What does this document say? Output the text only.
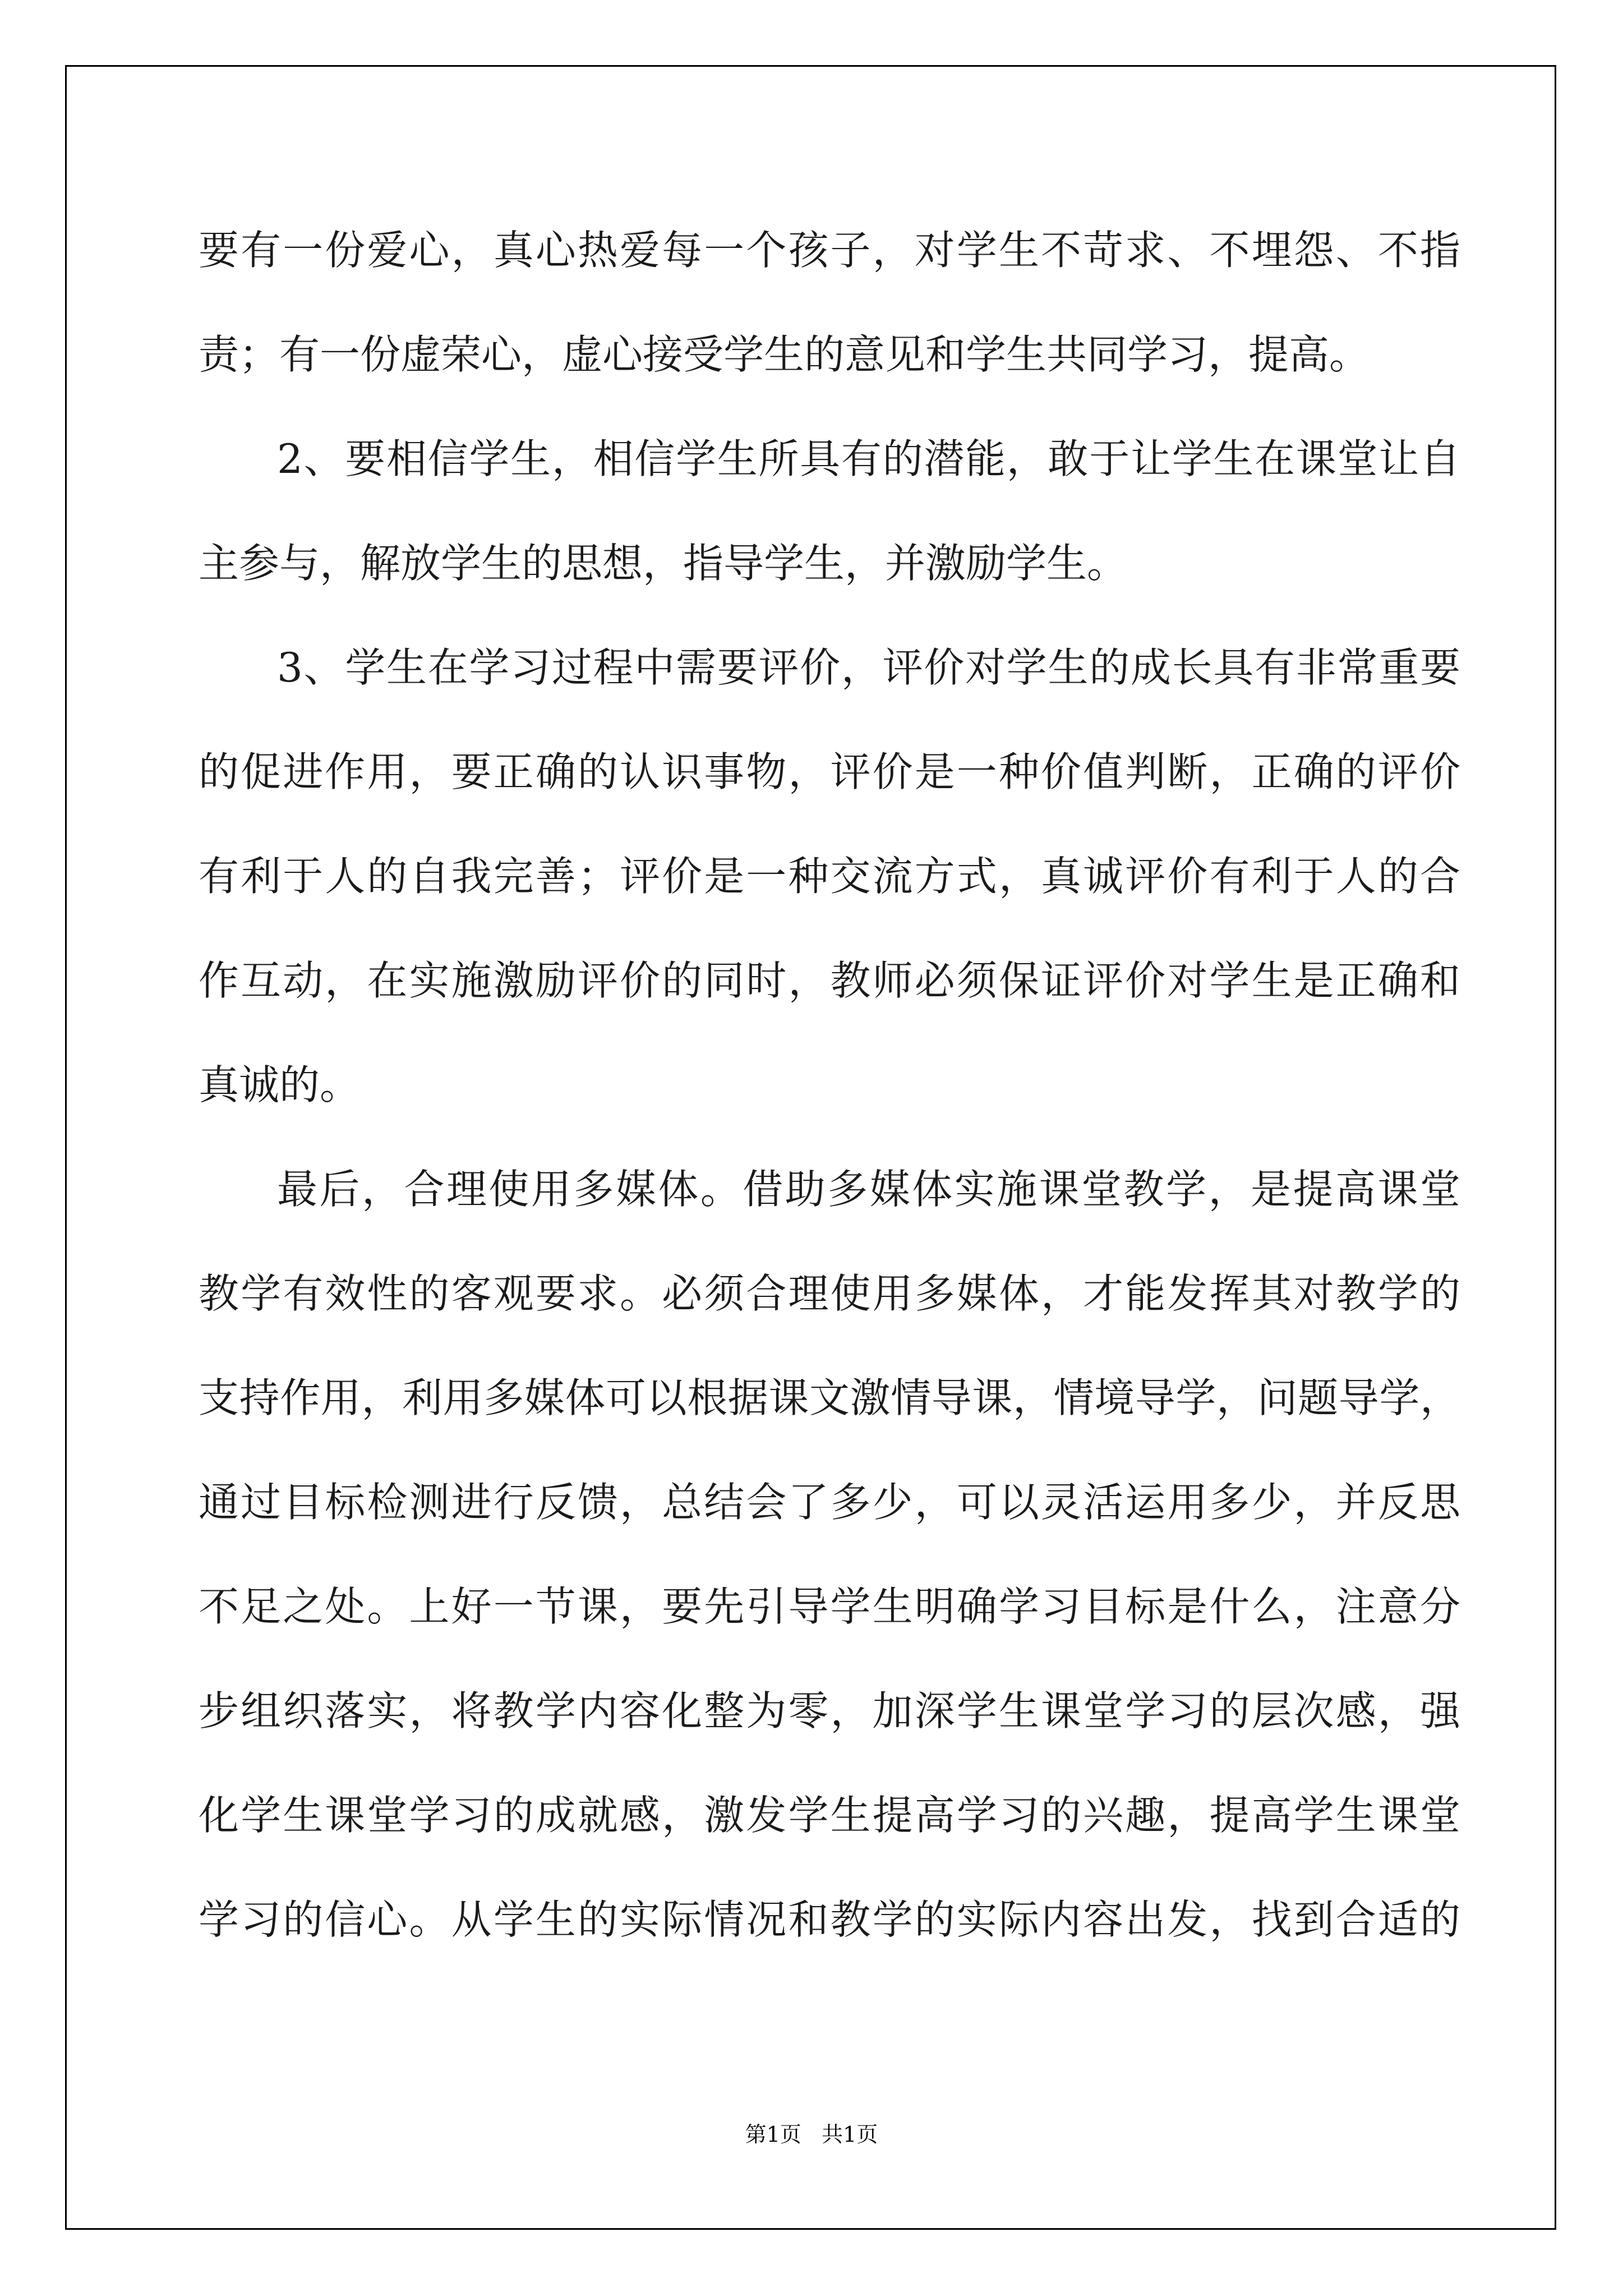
要有一份爱心，真心热爱每一个孩子，对学生不苛求、不埋怨、不指

责；有一份虚荣心，虚心接受学生的意见和学生共同学习，提高。

2、要相信学生，相信学生所具有的潜能，敢于让学生在课堂让自

主参与，解放学生的思想，指导学生，并激励学生。

3、学生在学习过程中需要评价，评价对学生的成长具有非常重要

的促进作用，要正确的认识事物，评价是一种价值判断，正确的评价

有利于人的自我完善；评价是一种交流方式，真诚评价有利于人的合

作互动，在实施激励评价的同时，教师必须保证评价对学生是正确和

真诚的。

最后，合理使用多媒体。借助多媒体实施课堂教学，是提高课堂

教学有效性的客观要求。必须合理使用多媒体，才能发挥其对教学的

支持作用，利用多媒体可以根据课文激情导课，情境导学，问题导学，

通过目标检测进行反馈，总结会了多少，可以灵活运用多少，并反思

不足之处。上好一节课，要先引导学生明确学习目标是什么，注意分

步组织落实，将教学内容化整为零，加深学生课堂学习的层次感，强

化学生课堂学习的成就感，激发学生提高学习的兴趣，提高学生课堂

学习的信心。从学生的实际情况和教学的实际内容出发，找到合适的

第1页   共1页
